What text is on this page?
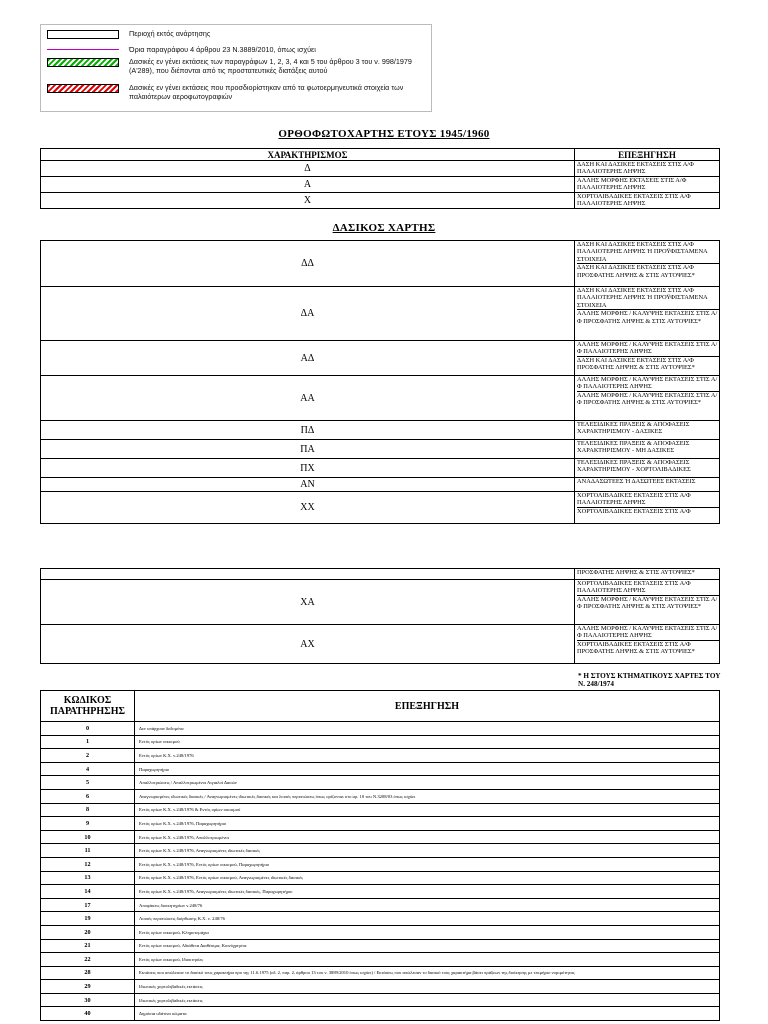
Περιοχή εκτός ανάρτησης
Όρια παραγράφου 4 άρθρου 23 Ν.3889/2010, όπως ισχύει
Δασικές εν γένει εκτάσεις των παραγράφων 1, 2, 3, 4 και 5 του άρθρου 3 του ν. 998/1979 (Α'289), που διέπονται από τις προστατευτικές διατάξεις αυτού
Δασικές εν γένει εκτάσεις που προσδιορίστηκαν από τα φωτοερμηνευτικά στοιχεία των παλαιότερων αεροφωτογραφιών
ΟΡΘΟΦΩΤΟΧΑΡΤΗΣ ΕΤΟΥΣ 1945/1960
ΧΑΡΑΚΤΗΡΙΣΜΟΣ	ΕΠΕΞΗΓΗΣΗ
Δ	ΔΑΣΗ ΚΑΙ ΔΑΣΙΚΕΣ ΕΚΤΑΣΕΙΣ ΣΤΙΣ Α/Φ ΠΑΛΑΙΟΤΕΡΗΣ ΛΗΨΗΣ

Α	ΑΛΛΗΣ ΜΟΡΦΗΣ ΕΚΤΑΣΕΙΣ ΣΤΙΣ Α/Φ ΠΑΛΑΙΟΤΕΡΗΣ ΛΗΨΗΣ

Χ	ΧΟΡΤΟΛΙΒΑΔΙΚΕΣ ΕΚΤΑΣΕΙΣ ΣΤΙΣ Α/Φ ΠΑΛΑΙΟΤΕΡΗΣ ΛΗΨΗΣ
ΔΑΣΙΚΟΣ ΧΑΡΤΗΣ
ΔΔ	ΔΑΣΗ ΚΑΙ ΔΑΣΙΚΕΣ ΕΚΤΑΣΕΙΣ ΣΤΙΣ Α/Φ ΠΑΛΑΙΟΤΕΡΗΣ ΛΗΨΗΣ Ή ΠΡΟΫΦΙΣΤΑΜΕΝΑ ΣΤΟΙΧΕΙΑ
ΔΑΣΗ ΚΑΙ ΔΑΣΙΚΕΣ ΕΚΤΑΣΕΙΣ ΣΤΙΣ Α/Φ ΠΡΟΣΦΑΤΗΣ ΛΗΨΗΣ & ΣΤΙΣ ΑΥΤΟΨΙΕΣ*

ΔΑ	ΔΑΣΗ ΚΑΙ ΔΑΣΙΚΕΣ ΕΚΤΑΣΕΙΣ ΣΤΙΣ Α/Φ ΠΑΛΑΙΟΤΕΡΗΣ ΛΗΨΗΣ Ή ΠΡΟΫΦΙΣΤΑΜΕΝΑ ΣΤΟΙΧΕΙΑ
ΑΛΛΗΣ ΜΟΡΦΗΣ / ΚΑΛΥΨΗΣ ΕΚΤΑΣΕΙΣ ΣΤΙΣ Α/Φ ΠΡΟΣΦΑΤΗΣ ΛΗΨΗΣ & ΣΤΙΣ ΑΥΤΟΨΙΕΣ*

ΑΔ	ΑΛΛΗΣ ΜΟΡΦΗΣ / ΚΑΛΥΨΗΣ ΕΚΤΑΣΕΙΣ ΣΤΙΣ Α/Φ ΠΑΛΑΙΟΤΕΡΗΣ ΛΗΨΗΣ
ΔΑΣΗ ΚΑΙ ΔΑΣΙΚΕΣ ΕΚΤΑΣΕΙΣ ΣΤΙΣ Α/Φ ΠΡΟΣΦΑΤΗΣ ΛΗΨΗΣ & ΣΤΙΣ ΑΥΤΟΨΙΕΣ*

ΑΑ	ΑΛΛΗΣ ΜΟΡΦΗΣ / ΚΑΛΥΨΗΣ ΕΚΤΑΣΕΙΣ ΣΤΙΣ Α/Φ ΠΑΛΑΙΟΤΕΡΗΣ ΛΗΨΗΣ
ΑΛΛΗΣ ΜΟΡΦΗΣ / ΚΑΛΥΨΗΣ ΕΚΤΑΣΕΙΣ ΣΤΙΣ Α/Φ ΠΡΟΣΦΑΤΗΣ ΛΗΨΗΣ & ΣΤΙΣ ΑΥΤΟΨΙΕΣ*

ΠΔ	ΤΕΛΕΣΙΔΙΚΕΣ ΠΡΑΞΕΙΣ & ΑΠΟΦΑΣΕΙΣ ΧΑΡΑΚΤΗΡΙΣΜΟΥ - ΔΑΣΙΚΕΣ

ΠΑ	ΤΕΛΕΣΙΔΙΚΕΣ ΠΡΑΞΕΙΣ & ΑΠΟΦΑΣΕΙΣ ΧΑΡΑΚΤΗΡΙΣΜΟΥ - ΜΗ ΔΑΣΙΚΕΣ

ΠΧ	ΤΕΛΕΣΙΔΙΚΕΣ ΠΡΑΞΕΙΣ & ΑΠΟΦΑΣΕΙΣ ΧΑΡΑΚΤΗΡΙΣΜΟΥ - ΧΟΡΤΟΛΙΒΑΔΙΚΕΣ

ΑΝ	ΑΝΑΔΑΣΩΤΕΕΣ Ή ΔΑΣΩΤΕΕΣ ΕΚΤΑΣΕΙΣ

ΧΧ	ΧΟΡΤΟΛΙΒΑΔΙΚΕΣ ΕΚΤΑΣΕΙΣ ΣΤΙΣ Α/Φ ΠΑΛΑΙΟΤΕΡΗΣ ΛΗΨΗΣ
ΧΟΡΤΟΛΙΒΑΔΙΚΕΣ ΕΚΤΑΣΕΙΣ ΣΤΙΣ Α/Φ

	ΠΡΟΣΦΑΤΗΣ ΛΗΨΗΣ & ΣΤΙΣ ΑΥΤΟΨΙΕΣ*

ΧΑ	ΧΟΡΤΟΛΙΒΑΔΙΚΕΣ ΕΚΤΑΣΕΙΣ ΣΤΙΣ Α/Φ ΠΑΛΑΙΟΤΕΡΗΣ ΛΗΨΗΣ
ΑΛΛΗΣ ΜΟΡΦΗΣ / ΚΑΛΥΨΗΣ ΕΚΤΑΣΕΙΣ ΣΤΙΣ Α/Φ ΠΡΟΣΦΑΤΗΣ ΛΗΨΗΣ & ΣΤΙΣ ΑΥΤΟΨΙΕΣ*

ΑΧ	ΑΛΛΗΣ ΜΟΡΦΗΣ / ΚΑΛΥΨΗΣ ΕΚΤΑΣΕΙΣ ΣΤΙΣ Α/Φ ΠΑΛΑΙΟΤΕΡΗΣ ΛΗΨΗΣ
ΧΟΡΤΟΛΙΒΑΔΙΚΕΣ ΕΚΤΑΣΕΙΣ ΣΤΙΣ Α/Φ ΠΡΟΣΦΑΤΗΣ ΛΗΨΗΣ & ΣΤΙΣ ΑΥΤΟΨΙΕΣ*
* Η ΣΤΟΥΣ ΚΤΗΜΑΤΙΚΟΥΣ ΧΑΡΤΕΣ ΤΟΥ Ν. 248/1974
ΚΩΔΙΚΟΣ ΠΑΡΑΤΗΡΗΣΗΣ	ΕΠΕΞΗΓΗΣΗ
0	Δεν υπάρχουν δεδομένα
1	Εντός ορίων οικισμού
2	Εντός ορίων Κ.Χ. ν.248/1976
4	Παραχωρητήριο
5	Απαλλοτριώσεις / Απαλλοτριωμένοι Αιγιαλοί Δασών
6	Αναγνωρισμένες ιδιωτικές δασικές / Αναγνωρισμένες ιδιωτικές δασικές και λοιπές περιπτώσεις όπως ορίζονται στο αρ. 10 του Ν.3208/03 όπως ισχύει
8	Εντός ορίων Κ.Χ. ν.248/1976 & Εντός ορίων οικισμού
9	Εντός ορίων Κ.Χ. ν.248/1976, Παραχωρητήριο
10	Εντός ορίων Κ.Χ. ν.248/1976, Απαλλοτριωμένοι
11	Εντός ορίων Κ.Χ. ν.248/1976, Αναγνωρισμένες ιδιωτικές δασικές
12	Εντός ορίων Κ.Χ. ν.248/1976, Εντός ορίων οικισμού, Παραχωρητήριο
13	Εντός ορίων Κ.Χ. ν.248/1976, Εντός ορίων οικισμού, Αναγνωρισμένες ιδιωτικές δασικές
14	Εντός ορίων Κ.Χ. ν.248/1976, Αναγνωρισμένες ιδιωτικές δασικές, Παραχωρητήριο
17	Αποφάσεις διοικητηρίων ν.248/76
19	Λοιπές περιπτώσεις διόρθωσης Κ.Χ. ν. 248/76
20	Εντός ορίων οικισμού, Κληροτεμάχια
21	Εντός ορίων οικισμού, Αδιάθετα Διαθέσιμα, Κοινόχρηστα
22	Εντός ορίων οικισμού, Ιδιοκτησίες
28	Εκτάσεις που απώλεσαν το δασικό τους χαρακτήρα προ της 11.6.1975 (εδ. 2, παρ. 2, άρθρου 13 του ν. 3889/2010 όπως ισχύει) / Εκτάσεις που απώλεσαν το δασικό τους χαρακτήρα βάσει πράξεων της διοίκησης με τεκμήριο νομιμότητας
29	Ιδιωτικές χορτολιβαδικές εκτάσεις
30	Ιδιωτικές χορτολιβαδικές εκτάσεις
40	Δημόσια υδάτινα σώματα
